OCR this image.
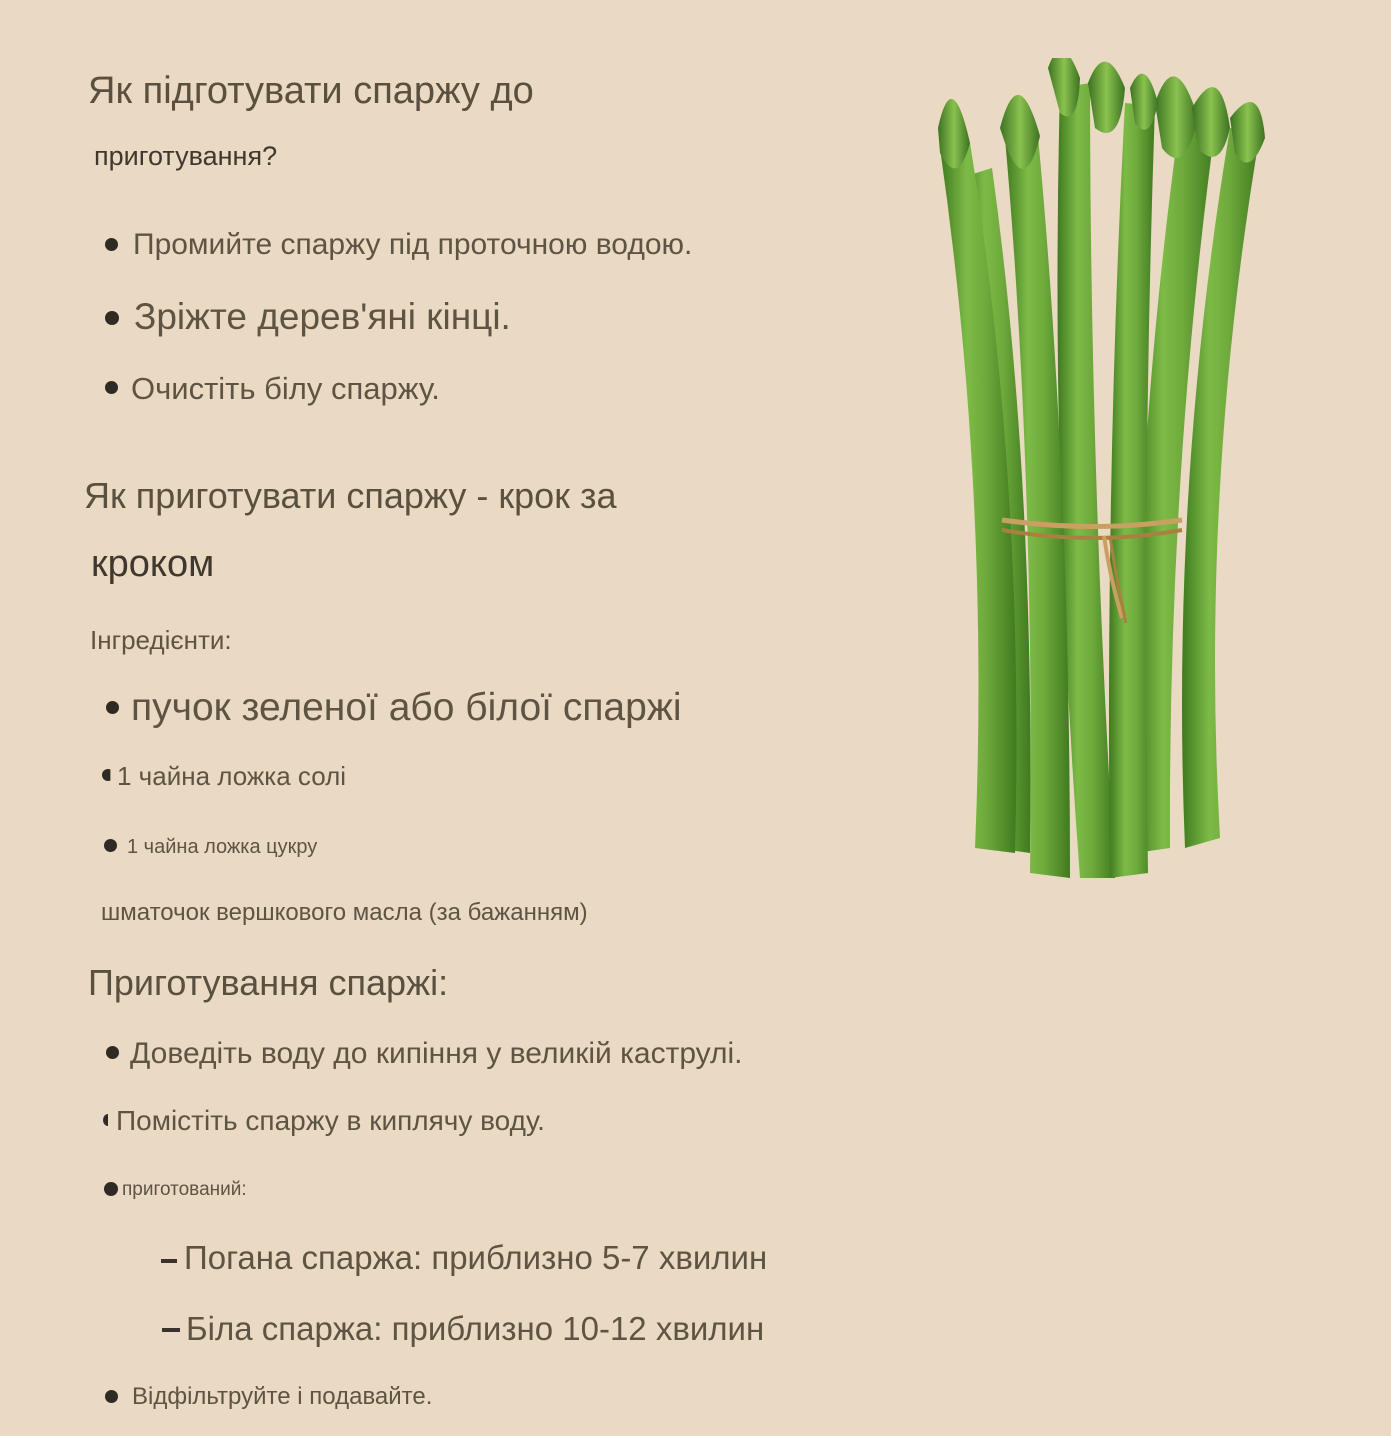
Як підготувати спаржу до
приготування?
Промийте спаржу під проточною водою.
Зріжте дерев'яні кінці.
Очистіть білу спаржу.
Як приготувати спаржу - крок за
кроком
Інгредієнти:
пучок зеленої або білої спаржі
1 чайна ложка солі
1 чайна ложка цукру
шматочок вершкового масла (за бажанням)
Приготування спаржі:
Доведіть воду до кипіння у великій каструлі.
Помістіть спаржу в киплячу воду.
приготований:
Погана спаржа: приблизно 5-7 хвилин
Біла спаржа: приблизно 10-12 хвилин
Відфільтруйте і подавайте.
